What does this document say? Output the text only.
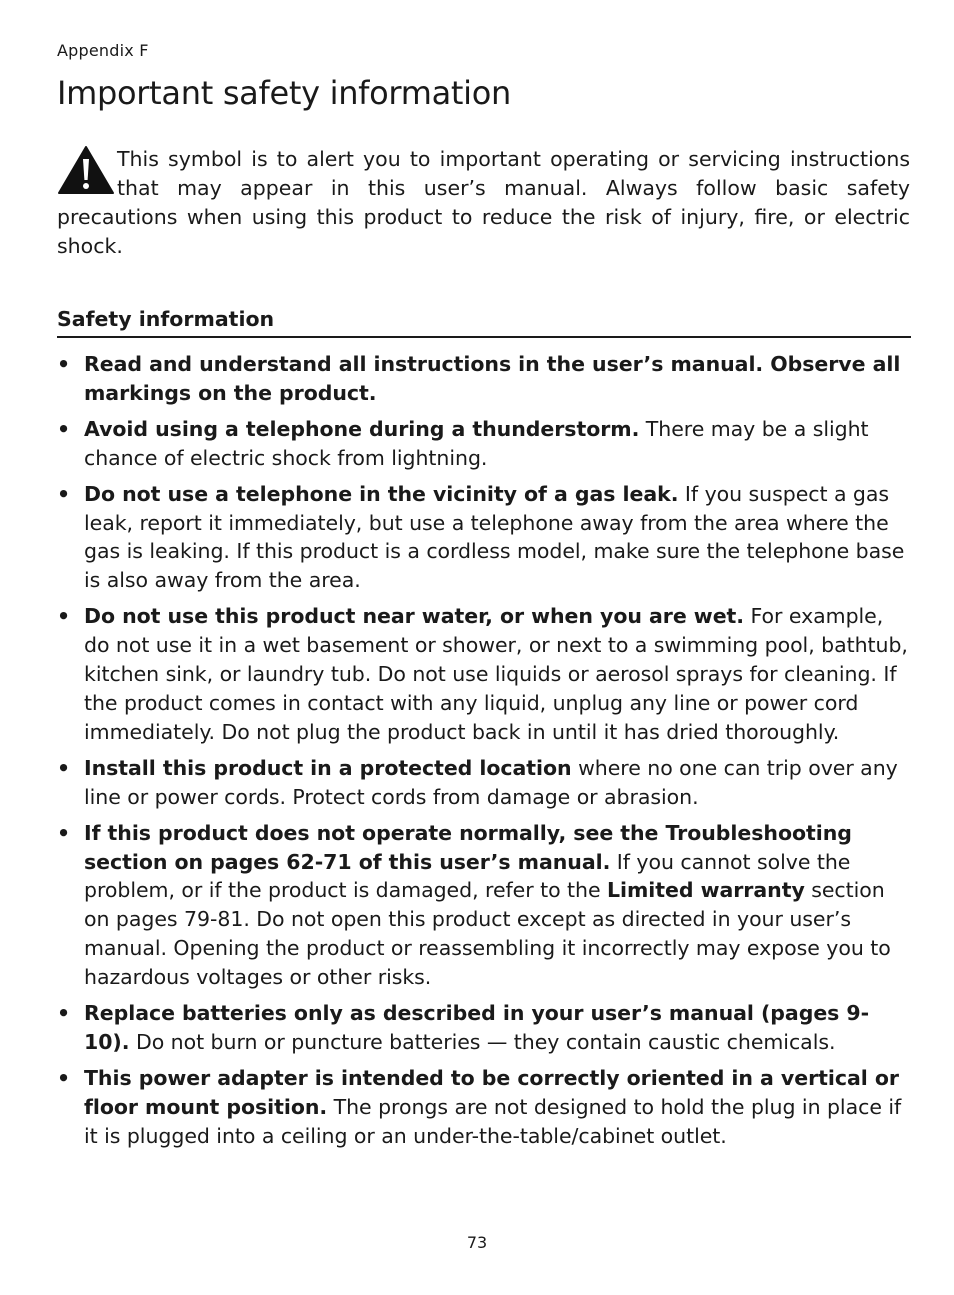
Appendix F
Important safety information

This symbol is to alert you to important operating or servicing instructions that may appear in this user’s manual. Always follow basic safety precautions when using this product to reduce the risk of injury, fire, or electric shock.

Safety information
• Read and understand all instructions in the user’s manual. Observe all markings on the product.
• Avoid using a telephone during a thunderstorm. There may be a slight chance of electric shock from lightning.
• Do not use a telephone in the vicinity of a gas leak. If you suspect a gas leak, report it immediately, but use a telephone away from the area where the gas is leaking. If this product is a cordless model, make sure the telephone base is also away from the area.
• Do not use this product near water, or when you are wet. For example, do not use it in a wet basement or shower, or next to a swimming pool, bathtub, kitchen sink, or laundry tub. Do not use liquids or aerosol sprays for cleaning. If the product comes in contact with any liquid, unplug any line or power cord immediately. Do not plug the product back in until it has dried thoroughly.
• Install this product in a protected location where no one can trip over any line or power cords. Protect cords from damage or abrasion.
• If this product does not operate normally, see the Troubleshooting section on pages 62-71 of this user’s manual. If you cannot solve the problem, or if the product is damaged, refer to the Limited warranty section on pages 79-81. Do not open this product except as directed in your user’s manual. Opening the product or reassembling it incorrectly may expose you to hazardous voltages or other risks.
• Replace batteries only as described in your user’s manual (pages 9-10). Do not burn or puncture batteries — they contain caustic chemicals.
• This power adapter is intended to be correctly oriented in a vertical or floor mount position. The prongs are not designed to hold the plug in place if it is plugged into a ceiling or an under-the-table/cabinet outlet.
73
